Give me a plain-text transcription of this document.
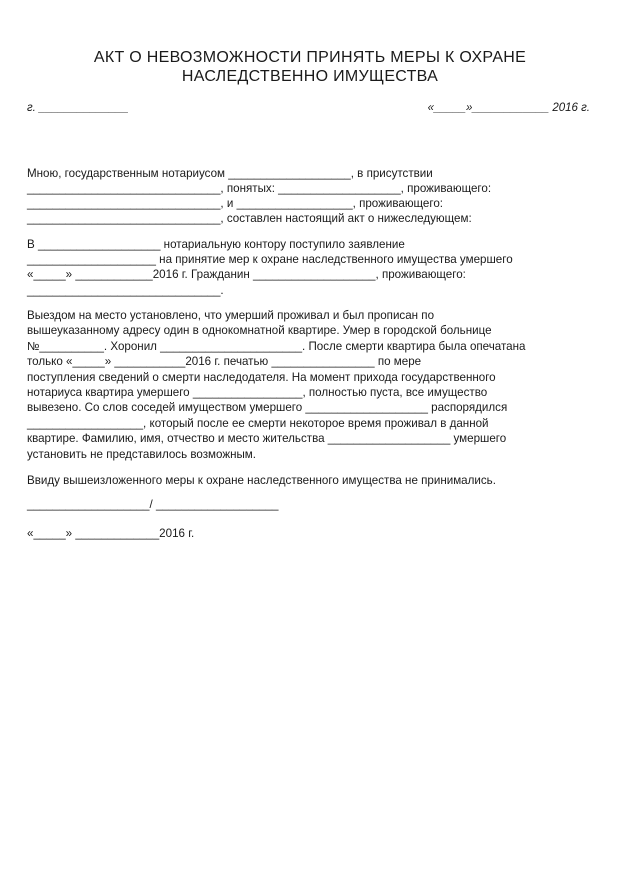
АКТ О НЕВОЗМОЖНОСТИ ПРИНЯТЬ МЕРЫ К ОХРАНЕ
НАСЛЕДСТВЕННО ИМУЩЕСТВА
г. ______________	«_____»____________ 2016 г.
Мною, государственным нотариусом ___________________, в присутствии
______________________________, понятых: ___________________, проживающего:
______________________________, и __________________, проживающего:
______________________________, составлен настоящий акт о нижеследующем:
В ___________________ нотариальную контору поступило заявление
____________________ на принятие мер к охране наследственного имущества умершего
«_____» ____________2016 г. Гражданин ___________________, проживающего:
______________________________.
Выездом на место установлено, что умерший проживал и был прописан по
вышеуказанному адресу один в однокомнатной квартире. Умер в городской больнице
№__________. Хоронил ______________________. После смерти квартира была опечатана
только «_____» ___________2016 г. печатью ________________ по мере
поступления сведений о смерти наследодателя. На момент прихода государственного
нотариуса квартира умершего _________________, полностью пуста, все имущество
вывезено. Со слов соседей имуществом умершего ___________________ распорядился
__________________, который после ее смерти некоторое время проживал в данной
квартире. Фамилию, имя, отчество и место жительства ___________________ умершего
установить не представилось возможным.
Ввиду вышеизложенного меры к охране наследственного имущества не принимались.
___________________/ ___________________
«_____» _____________2016 г.
